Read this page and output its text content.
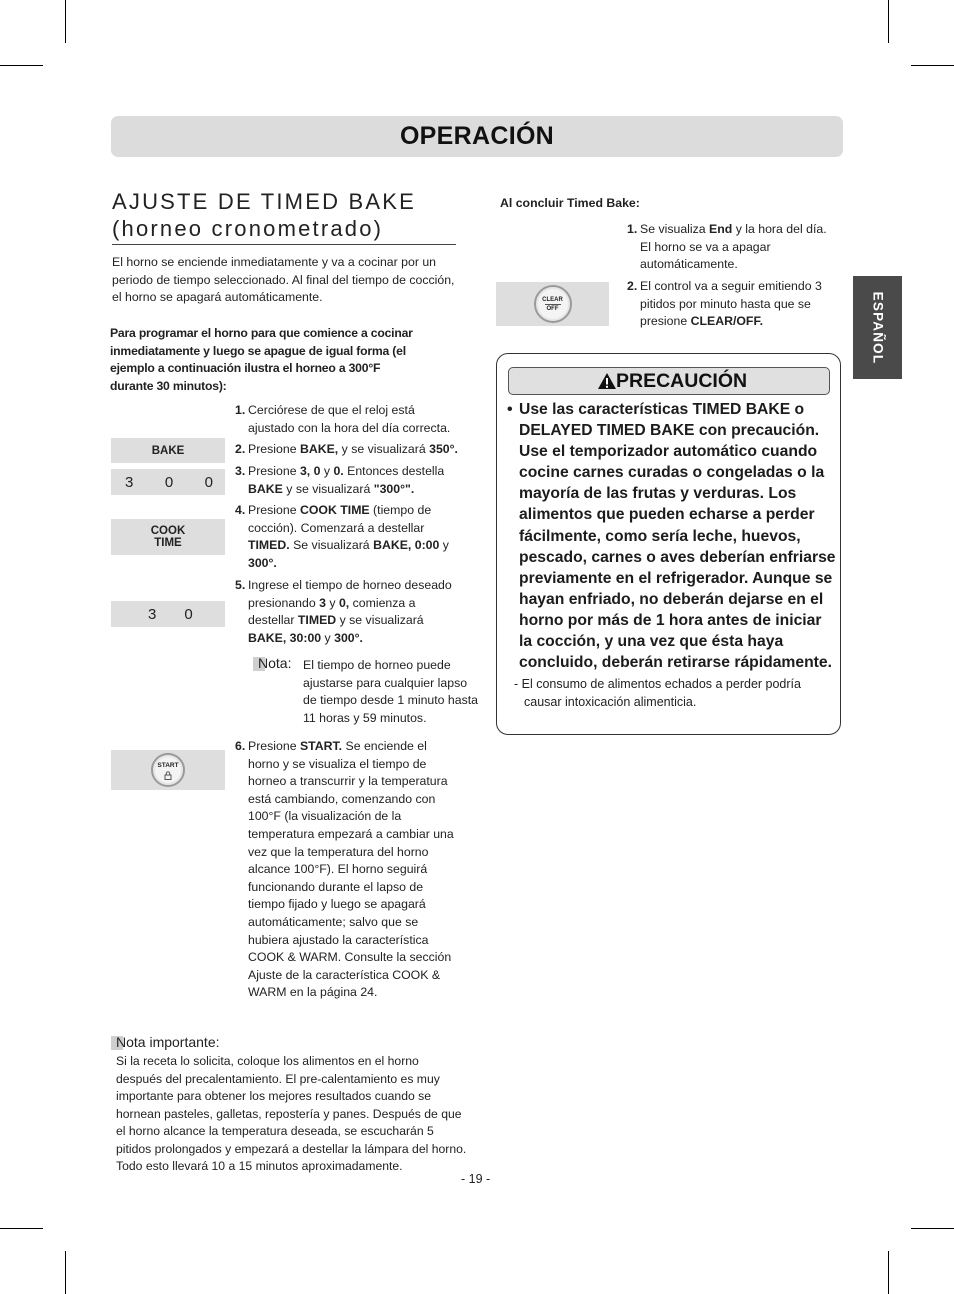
OPERACIÓN
ESPAÑOL
AJUSTE DE TIMED BAKE
(horneo cronometrado)
El horno se enciende inmediatamente y va a cocinar por un periodo de tiempo seleccionado. Al final del tiempo de cocción, el horno se apagará automáticamente.
Para programar el horno para que comience a cocinar inmediatamente y luego se apague de igual forma (el ejemplo a continuación ilustra el horneo a 300°F durante 30 minutos):
BAKE
3 0 0
COOK
TIME
3 0
START
1. Cerciórese de que el reloj está ajustado con la hora del día correcta.
2. Presione BAKE, y se visualizará 350°.
3. Presione 3, 0 y 0. Entonces destella BAKE y se visualizará "300°".
4. Presione COOK TIME (tiempo de cocción). Comenzará a destellar TIMED. Se visualizará BAKE, 0:00 y 300°.
5. Ingrese el tiempo de horneo deseado presionando 3 y 0, comienza a destellar TIMED y se visualizará BAKE, 30:00 y 300°.
Nota: El tiempo de horneo puede ajustarse para cualquier lapso de tiempo desde 1 minuto hasta 11 horas y 59 minutos.
6. Presione START. Se enciende el horno y se visualiza el tiempo de horneo a transcurrir y la temperatura está cambiando, comenzando con 100°F (la visualización de la temperatura empezará a cambiar una vez que la temperatura del horno alcance 100°F). El horno seguirá funcionando durante el lapso de tiempo fijado y luego se apagará automáticamente; salvo que se hubiera ajustado la característica COOK & WARM. Consulte la sección Ajuste de la característica COOK & WARM en la página 24.
Nota importante:
Si la receta lo solicita, coloque los alimentos en el horno después del precalentamiento. El pre-calentamiento es muy importante para obtener los mejores resultados cuando se hornean pasteles, galletas, repostería y panes. Después de que el horno alcance la temperatura deseada, se escucharán 5 pitidos prolongados y empezará a destellar la lámpara del horno. Todo esto llevará 10 a 15 minutos aproximadamente.
Al concluir Timed Bake:
CLEAR
OFF
1. Se visualiza End y la hora del día. El horno se va a apagar automáticamente.
2. El control va a seguir emitiendo 3 pitidos por minuto hasta que se presione CLEAR/OFF.
PRECAUCIÓN
• Use las características TIMED BAKE o DELAYED TIMED BAKE con precaución. Use el temporizador automático cuando cocine carnes curadas o congeladas o la mayoría de las frutas y verduras. Los alimentos que pueden echarse a perder fácilmente, como sería leche, huevos, pescado, carnes o aves deberían enfriarse previamente en el refrigerador. Aunque se hayan enfriado, no deberán dejarse en el horno por más de 1 hora antes de iniciar la cocción, y una vez que ésta haya concluido, deberán retirarse rápidamente.
- El consumo de alimentos echados a perder podría causar intoxicación alimenticia.
- 19 -
